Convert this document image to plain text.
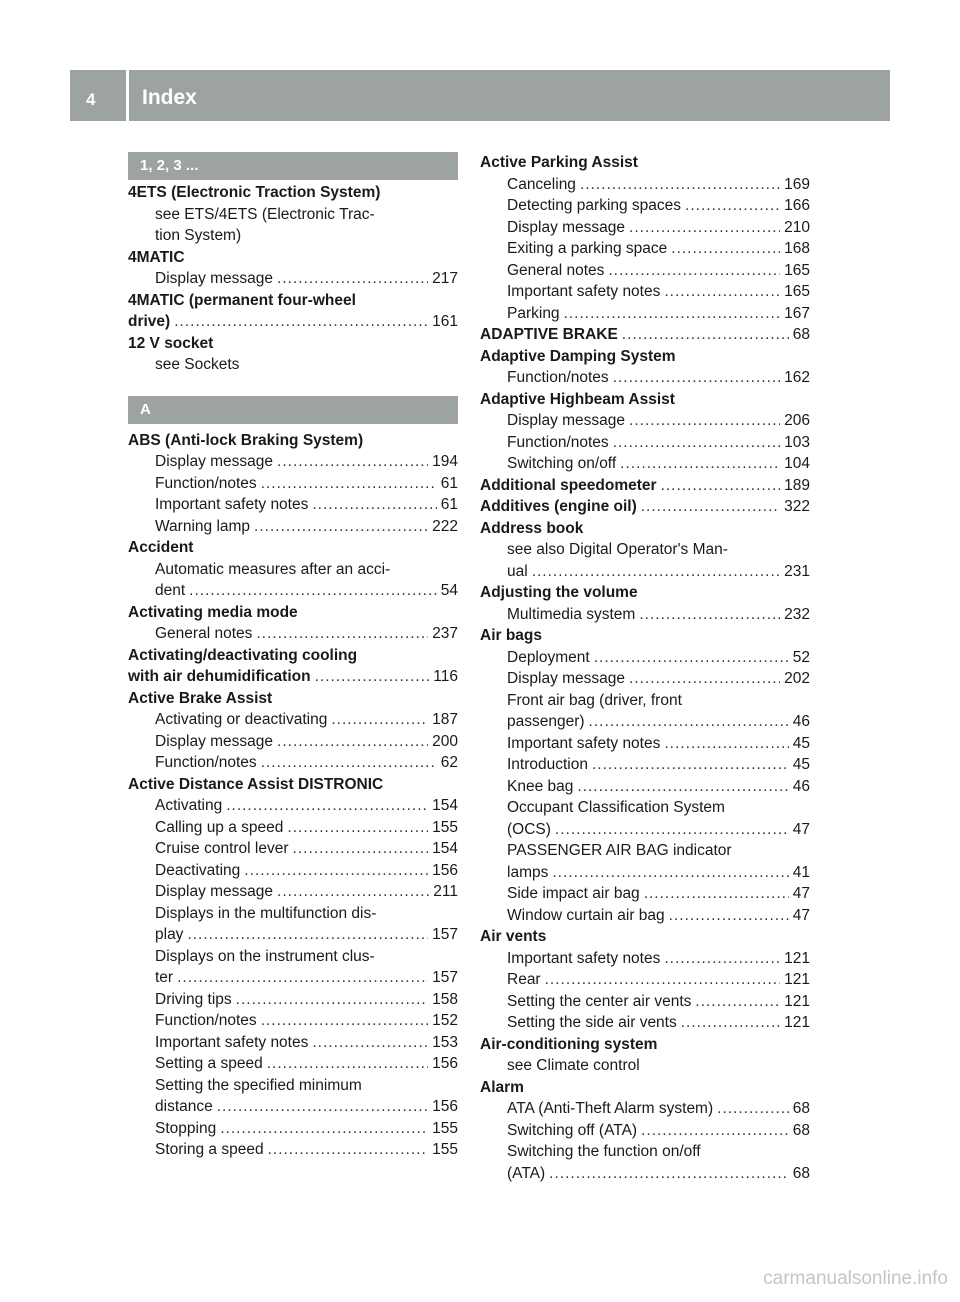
4 Index
1, 2, 3 ...
4ETS (Electronic Traction System)
see ETS/4ETS (Electronic Trac-
tion System)
4MATIC
Display message .....	217
4MATIC (permanent four-wheel
drive) .....	161
12 V socket
see Sockets
A
ABS (Anti-lock Braking System)
Display message .....	194
Function/notes .....	61
Important safety notes .....	61
Warning lamp .....	222
Accident
Automatic measures after an acci-
dent .....	54
Activating media mode
General notes .....	237
Activating/deactivating cooling
with air dehumidification .....	116
Active Brake Assist
Activating or deactivating .....	187
Display message .....	200
Function/notes .....	62
Active Distance Assist DISTRONIC
Activating .....	154
Calling up a speed .....	155
Cruise control lever .....	154
Deactivating .....	156
Display message .....	211
Displays in the multifunction dis-
play .....	157
Displays on the instrument clus-
ter .....	157
Driving tips .....	158
Function/notes .....	152
Important safety notes .....	153
Setting a speed .....	156
Setting the specified minimum
distance .....	156
Stopping .....	155
Storing a speed .....	155
Active Parking Assist
Canceling .....	169
Detecting parking spaces .....	166
Display message .....	210
Exiting a parking space .....	168
General notes .....	165
Important safety notes .....	165
Parking .....	167
ADAPTIVE BRAKE .....	68
Adaptive Damping System
Function/notes .....	162
Adaptive Highbeam Assist
Display message .....	206
Function/notes .....	103
Switching on/off .....	104
Additional speedometer .....	189
Additives (engine oil) .....	322
Address book
see also Digital Operator's Man-
ual .....	231
Adjusting the volume
Multimedia system .....	232
Air bags
Deployment .....	52
Display message .....	202
Front air bag (driver, front
passenger) .....	46
Important safety notes .....	45
Introduction .....	45
Knee bag .....	46
Occupant Classification System
(OCS) .....	47
PASSENGER AIR BAG indicator
lamps .....	41
Side impact air bag .....	47
Window curtain air bag .....	47
Air vents
Important safety notes .....	121
Rear .....	121
Setting the center air vents .....	121
Setting the side air vents .....	121
Air-conditioning system
see Climate control
Alarm
ATA (Anti-Theft Alarm system) .....	68
Switching off (ATA) .....	68
Switching the function on/off
(ATA) .....	68
carmanualsonline.info
